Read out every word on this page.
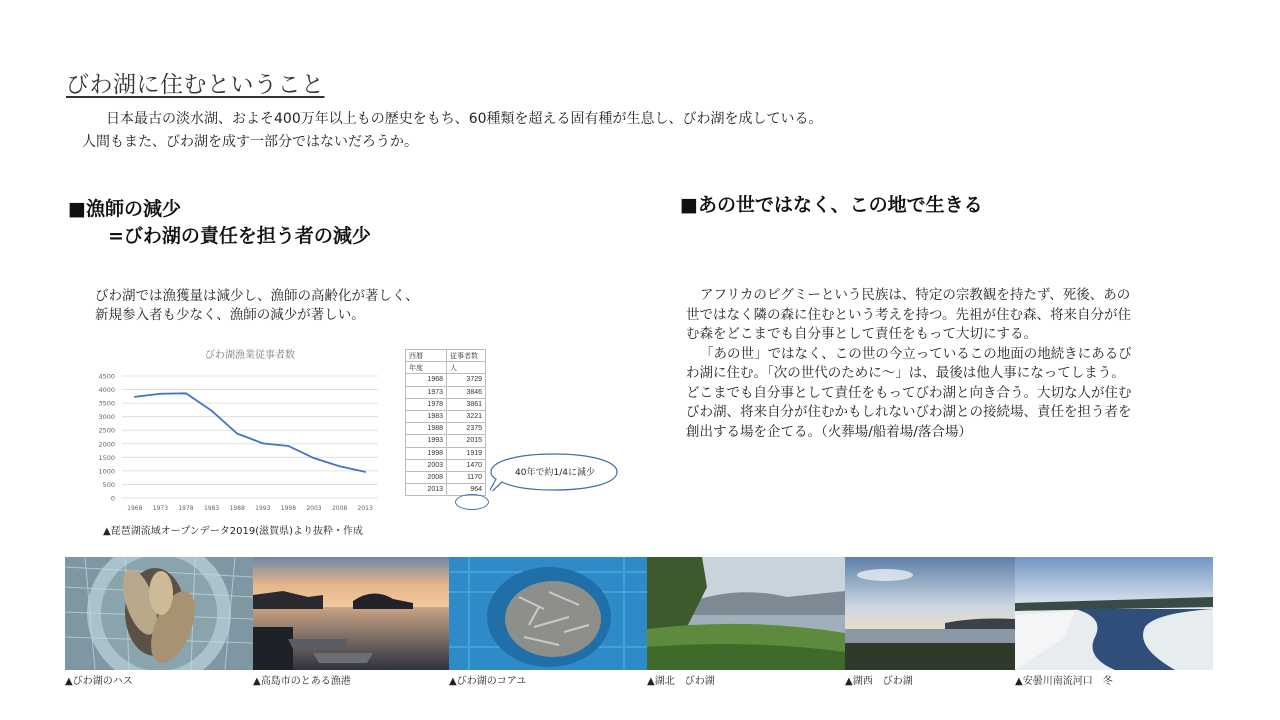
びわ湖に住むということ
日本最古の淡水湖、およそ400万年以上もの歴史をもち、60種類を超える固有種が生息し、びわ湖を成している。
人間もまた、びわ湖を成す一部分ではないだろうか。
■漁師の減少
=びわ湖の責任を担う者の減少
■あの世ではなく、この地で生きる
びわ湖では漁獲量は減少し、漁師の高齢化が著しく、
新規参入者も少なく、漁師の減少が著しい。

アフリカのピグミーという民族は、特定の宗教観を持たず、死後、あの世ではなく隣の森に住むという考えを持つ。先祖が住む森、将来自分が住む森をどこまでも自分事として責任をもって大切にする。

「あの世」ではなく、この世の今立っているこの地面の地続きにあるびわ湖に住む。「次の世代のために〜」は、最後は他人事になってしまう。どこまでも自分事として責任をもってびわ湖と向き合う。大切な人が住むびわ湖、将来自分が住むかもしれないびわ湖との接続場、責任を担う者を創出する場を企てる。（火葬場/船着場/落合場）

びわ湖漁業従事者数
0
500
1000
1500
2000
2500
3000
3500
4000
4500
1968 1973 1978 1983 1988 1993 1998 2003 2008 2013
西暦	従事者数
年度	人
1968	3729
1973	3846
1978	3861
1983	3221
1988	2375
1993	2015
1998	1919
2003	1470
2008	1170
2013	964
40年で約1/4に減少
▲琵琶湖流域オープンデータ2019(滋賀県)より抜粋・作成
▲びわ湖のハス	▲高島市のとある漁港	▲びわ湖のコアユ	▲湖北　びわ湖	▲湖西　びわ湖	▲安曇川南流河口　冬
